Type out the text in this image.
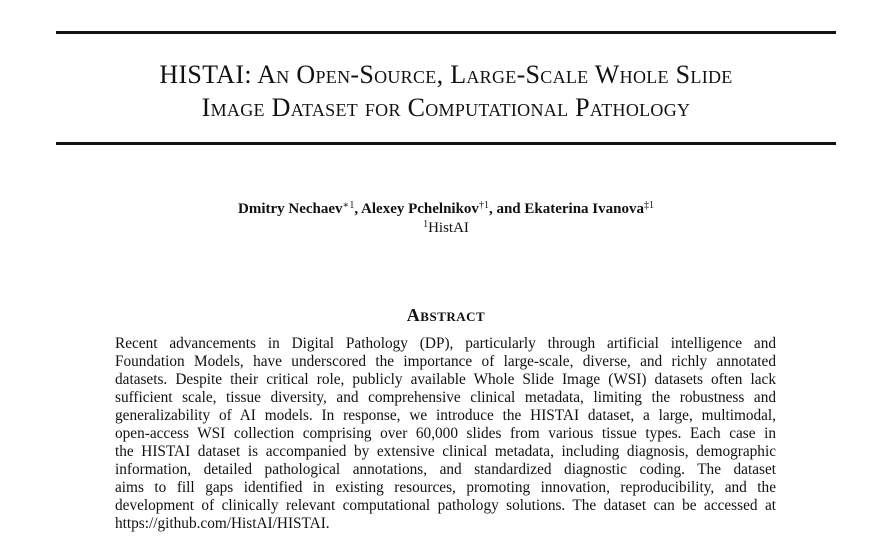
HISTAI: An Open-Source, Large-Scale Whole Slide
Image Dataset for Computational Pathology
Dmitry Nechaev$^{∗1}$, Alexey Pchelnikov$^{\dagger 1}$, and Ekaterina Ivanova$^{\ddagger 1}$
$^1$HistAI
Abstract

Recent advancements in Digital Pathology (DP), particularly through artificial intelligence and
Foundation Models, have underscored the importance of large-scale, diverse, and richly annotated
datasets. Despite their critical role, publicly available Whole Slide Image (WSI) datasets often lack
sufficient scale, tissue diversity, and comprehensive clinical metadata, limiting the robustness and
generalizability of AI models. In response, we introduce the HISTAI dataset, a large, multimodal,
open-access WSI collection comprising over 60,000 slides from various tissue types. Each case in
the HISTAI dataset is accompanied by extensive clinical metadata, including diagnosis, demographic
information, detailed pathological annotations, and standardized diagnostic coding. The dataset
aims to fill gaps identified in existing resources, promoting innovation, reproducibility, and the
development of clinically relevant computational pathology solutions. The dataset can be accessed at
https://github.com/HistAI/HISTAI.
